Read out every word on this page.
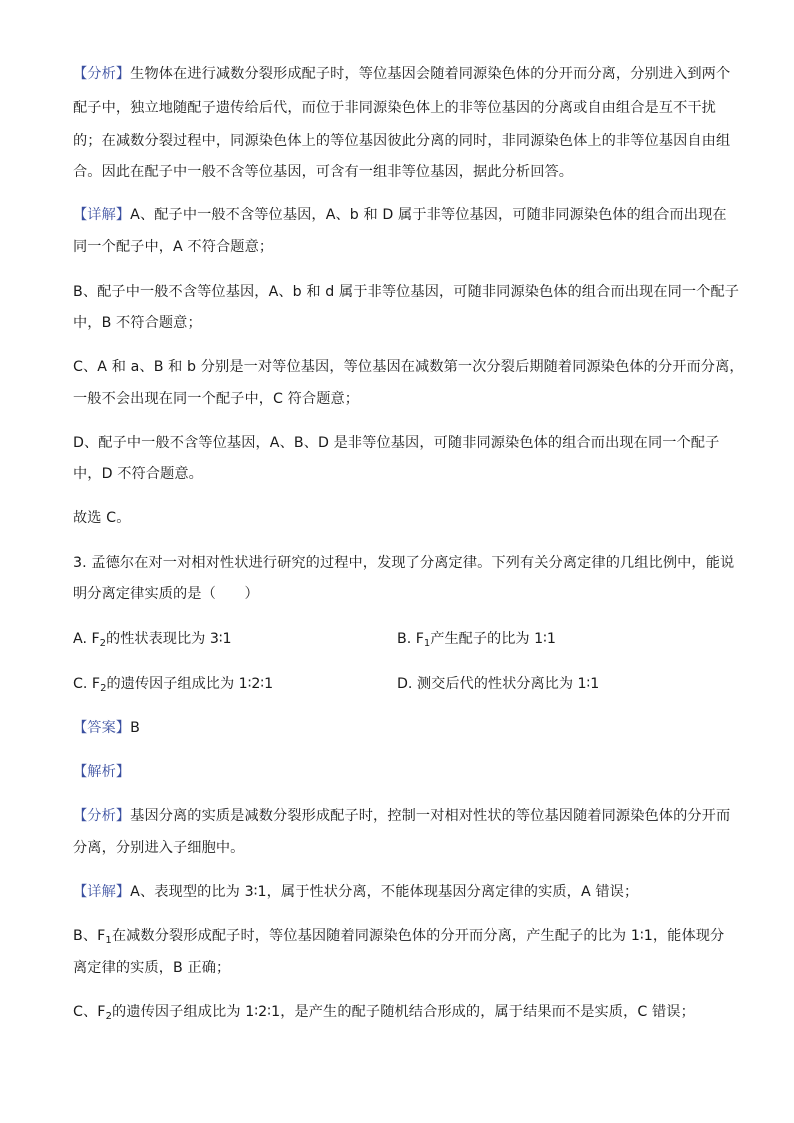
【分析】生物体在进行减数分裂形成配子时，等位基因会随着同源染色体的分开而分离，分别进入到两个
配子中，独立地随配子遗传给后代，而位于非同源染色体上的非等位基因的分离或自由组合是互不干扰
的；在减数分裂过程中，同源染色体上的等位基因彼此分离的同时，非同源染色体上的非等位基因自由组
合。因此在配子中一般不含等位基因，可含有一组非等位基因，据此分析回答。
【详解】A、配子中一般不含等位基因，A、b 和 D 属于非等位基因，可随非同源染色体的组合而出现在
同一个配子中，A 不符合题意；
B、配子中一般不含等位基因，A、b 和 d 属于非等位基因，可随非同源染色体的组合而出现在同一个配子
中，B 不符合题意；
C、A 和 a、B 和 b 分别是一对等位基因，等位基因在减数第一次分裂后期随着同源染色体的分开而分离，
一般不会出现在同一个配子中，C 符合题意；
D、配子中一般不含等位基因，A、B、D 是非等位基因，可随非同源染色体的组合而出现在同一个配子
中，D 不符合题意。
故选 C。
3. 孟德尔在对一对相对性状进行研究的过程中，发现了分离定律。下列有关分离定律的几组比例中，能说
明分离定律实质的是（　　）
A. $F_2$的性状表现比为 3∶1	B. $F_1$产生配子的比为 1∶1
C. $F_2$的遗传因子组成比为 1∶2∶1	D. 测交后代的性状分离比为 1∶1
【答案】B
【解析】
【分析】基因分离的实质是减数分裂形成配子时，控制一对相对性状的等位基因随着同源染色体的分开而
分离，分别进入子细胞中。
【详解】A、表现型的比为 3∶1，属于性状分离，不能体现基因分离定律的实质，A 错误；
B、$F_1$在减数分裂形成配子时，等位基因随着同源染色体的分开而分离，产生配子的比为 1∶1，能体现分
离定律的实质，B 正确；
C、$F_2$的遗传因子组成比为 1∶2∶1，是产生的配子随机结合形成的，属于结果而不是实质，C 错误；
